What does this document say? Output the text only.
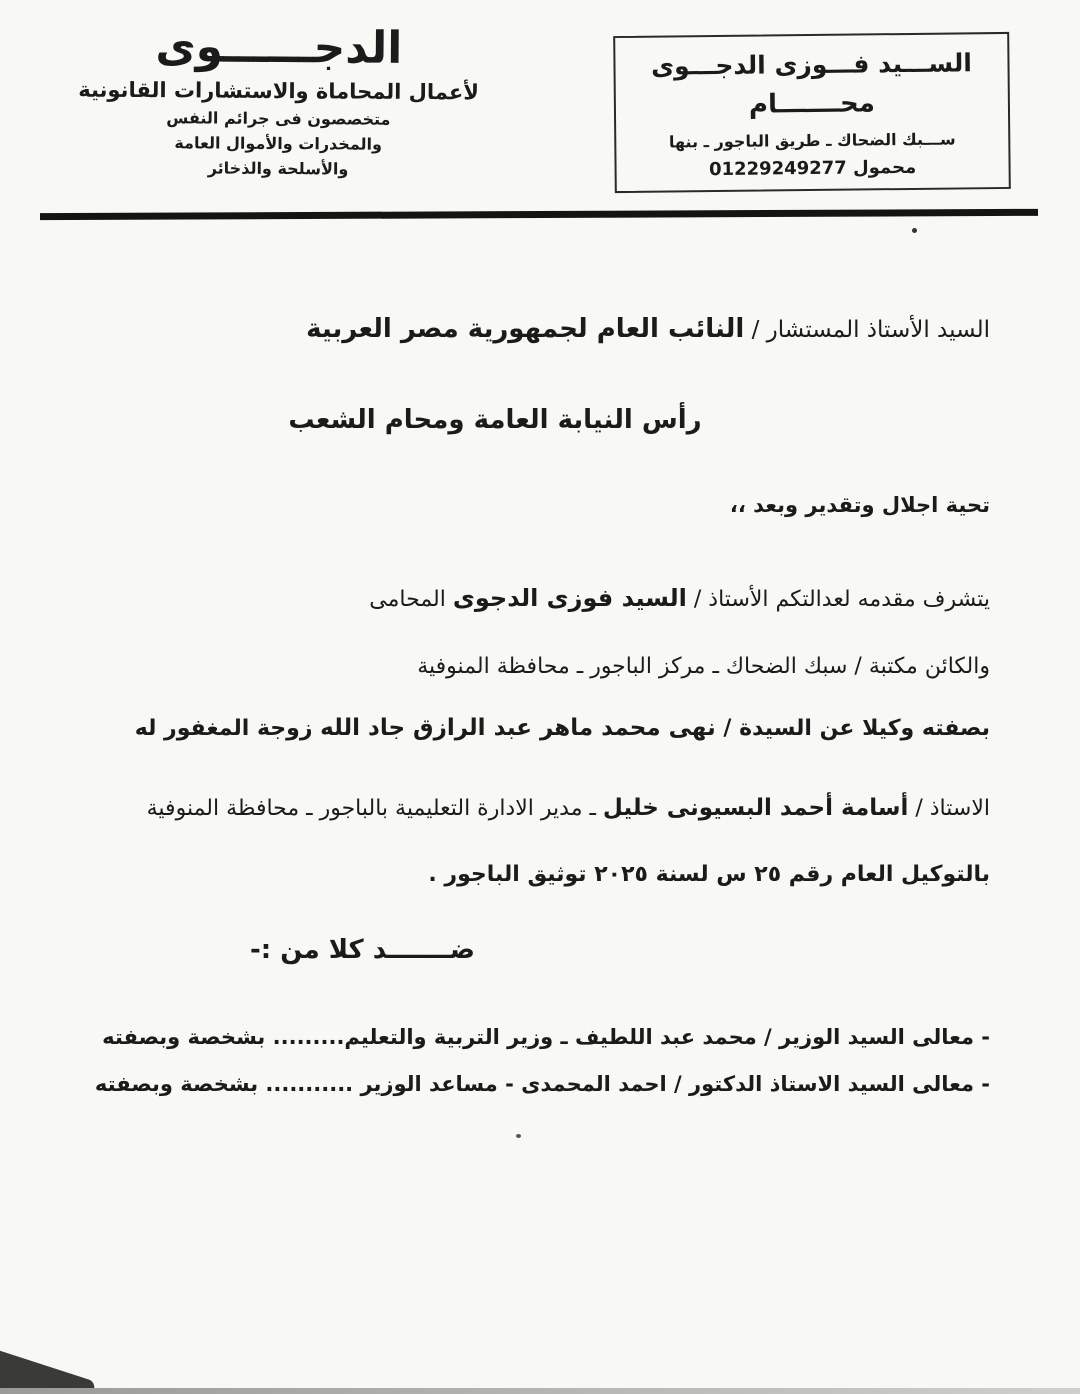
الســـيد فـــوزى الدجـــوى
محـــــــام
ســـبك الضحاك ـ طريق الباجور ـ بنها
محمول 01229249277
الدجــــــوى
لأعمال المحاماة والاستشارات القانونية
متخصصون فى جرائم النفس
والمخدرات والأموال العامة
والأسلحة والذخائر
السيد الأستاذ المستشار / النائب العام لجمهورية مصر العربية
رأس النيابة العامة ومحام الشعب
تحية اجلال وتقدير وبعد ،،
يتشرف مقدمه لعدالتكم الأستاذ / السيد فوزى الدجوى المحامى
والكائن مكتبة / سبك الضحاك ـ مركز الباجور ـ محافظة المنوفية
بصفته وكيلا عن السيدة / نهى محمد ماهر عبد الرازق جاد الله زوجة المغفور له
الاستاذ / أسامة أحمد البسيونى خليل ـ مدير الادارة التعليمية بالباجور ـ محافظة المنوفية
بالتوكيل العام رقم ٢٥ س لسنة ٢٠٢٥ توثيق الباجور .
ضـــــــد كلا من :-
- معالى السيد الوزير / محمد عبد اللطيف ـ وزير التربية والتعليم......... بشخصة وبصفته
- معالى السيد الاستاذ الدكتور / احمد المحمدى - مساعد الوزير ........... بشخصة وبصفته
